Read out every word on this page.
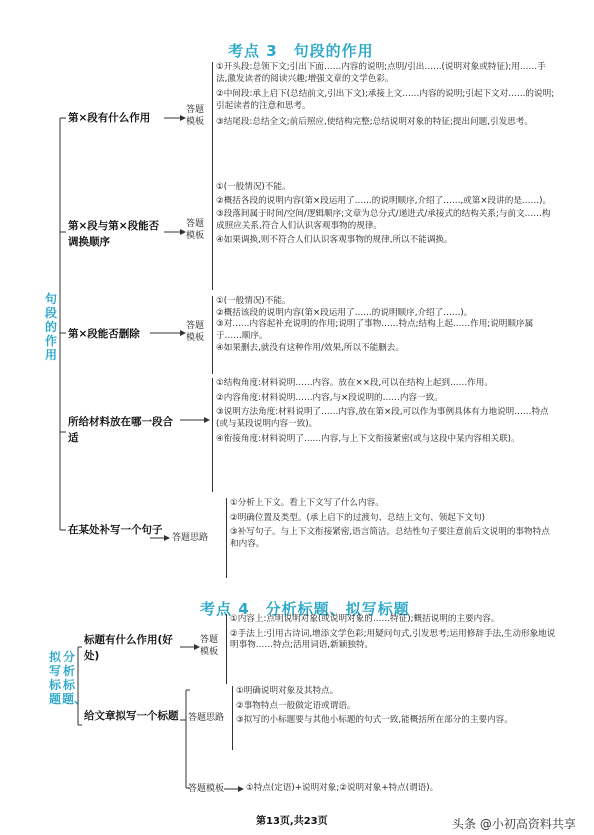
考点 3　句段的作用
句段的作用
第×段有什么作用
答题模板
①开头段:总领下文;引出下面……内容的说明;点明/引出……(说明对象或特征);用……手法,激发读者的阅读兴趣;增强文章的文学色彩。
②中间段:承上启下(总结前文,引出下文);承接上文……内容的说明;引起下文对……的说明;引起读者的注意和思考。
③结尾段:总结全文;前后照应,使结构完整;总结说明对象的特征;提出问题,引发思考。
第×段与第×段能否调换顺序
答题模板
①(一般情况)不能。
②概括各段的说明内容(第×段运用了……的说明顺序,介绍了……,或第×段讲的是……)。
③段落间属于时间/空间/逻辑顺序;文章为总分式/递进式/承接式的结构关系;与前文……构成照应关系,符合人们认识客观事物的规律。
④如果调换,则不符合人们认识客观事物的规律,所以不能调换。
第×段能否删除
答题模板
①(一般情况)不能。
②概括该段的说明内容(第×段运用了……的说明顺序,介绍了……)。
③对……内容起补充说明的作用;说明了事物……特点;结构上起……作用;说明顺序属于……顺序。
④如果删去,就没有这种作用/效果,所以不能删去。
所给材料放在哪一段合适
①结构角度:材料说明……内容。放在××段,可以在结构上起到……作用。
②内容角度:材料说明……内容,与×段说明的……内容一致。
③说明方法角度:材料说明了……内容,放在第×段,可以作为事例具体有力地说明……特点(或与某段说明内容一致)。
④衔接角度:材料说明了……内容,与上下文衔接紧密(或与这段中某内容相关联)。
在某处补写一个句子
答题思路
①分析上下文。看上下文写了什么内容。
②明确位置及类型。(承上启下的过渡句、总结上文句、领起下文句)
③补写句子。与上下文衔接紧密,语言简洁。总结性句子要注意前后文说明的事物特点和内容。
考点 4　分析标题、拟写标题
分析标题、
拟写标题
标题有什么作用(好处)
答题模板
①内容上:点明说明对象(或说明对象的……特征);概括说明的主要内容。
②手法上:引用古诗词,增添文学色彩;用疑问句式,引发思考;运用修辞手法,生动形象地说明事物……特点;活用词语,新颖独特。
给文章拟写一个标题	答题思路
①明确说明对象及其特点。
②事物特点一般做定语或谓语。
③拟写的小标题要与其他小标题的句式一致,能概括所在部分的主要内容。
答题模板	①特点(定语)+说明对象;②说明对象+特点(谓语)。
第13页,共23页	头条 @小初高资料共享
